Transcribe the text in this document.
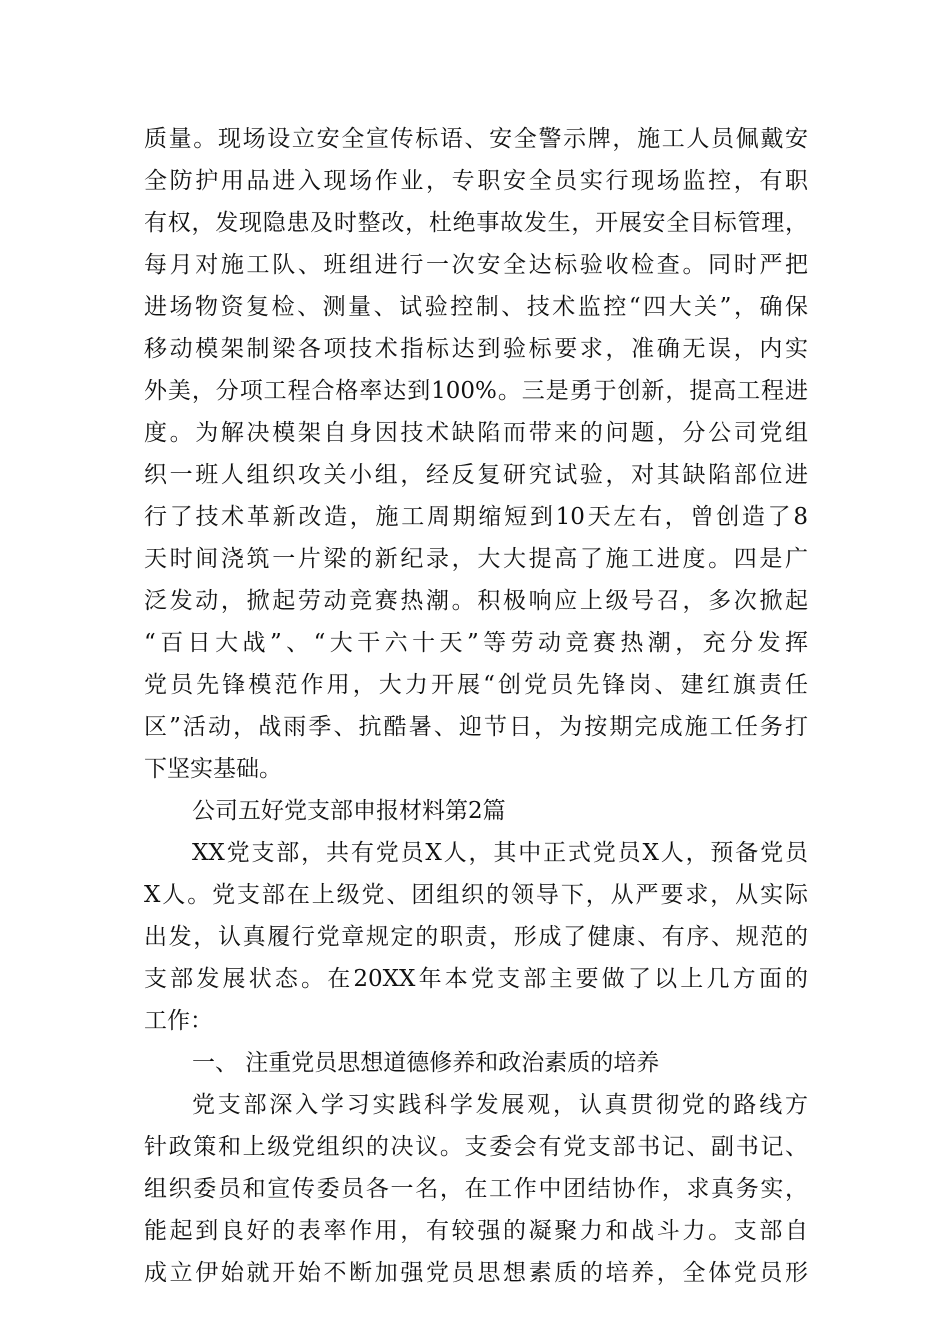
质量。现场设立安全宣传标语、安全警示牌，施工人员佩戴安
全防护用品进入现场作业，专职安全员实行现场监控，有职
有权，发现隐患及时整改，杜绝事故发生，开展安全目标管理，
每月对施工队、班组进行一次安全达标验收检查。同时严把
进场物资复检、测量、试验控制、技术监控“四大关”，确保
移动模架制梁各项技术指标达到验标要求，准确无误，内实
外美，分项工程合格率达到100%。三是勇于创新，提高工程进
度。为解决模架自身因技术缺陷而带来的问题，分公司党组
织一班人组织攻关小组，经反复研究试验，对其缺陷部位进
行了技术革新改造，施工周期缩短到10天左右，曾创造了8
天时间浇筑一片梁的新纪录，大大提高了施工进度。四是广
泛发动，掀起劳动竞赛热潮。积极响应上级号召，多次掀起
“百日大战”、“大干六十天”等劳动竞赛热潮，充分发挥
党员先锋模范作用，大力开展“创党员先锋岗、建红旗责任
区”活动，战雨季、抗酷暑、迎节日，为按期完成施工任务打
下坚实基础。
公司五好党支部申报材料第2篇
XX党支部，共有党员X人，其中正式党员X人，预备党员
X人。党支部在上级党、团组织的领导下，从严要求，从实际
出发，认真履行党章规定的职责，形成了健康、有序、规范的
支部发展状态。在20XX年本党支部主要做了以上几方面的
工作：
一、 注重党员思想道德修养和政治素质的培养
党支部深入学习实践科学发展观，认真贯彻党的路线方
针政策和上级党组织的决议。支委会有党支部书记、副书记、
组织委员和宣传委员各一名，在工作中团结协作，求真务实，
能起到良好的表率作用，有较强的凝聚力和战斗力。支部自
成立伊始就开始不断加强党员思想素质的培养，全体党员形
